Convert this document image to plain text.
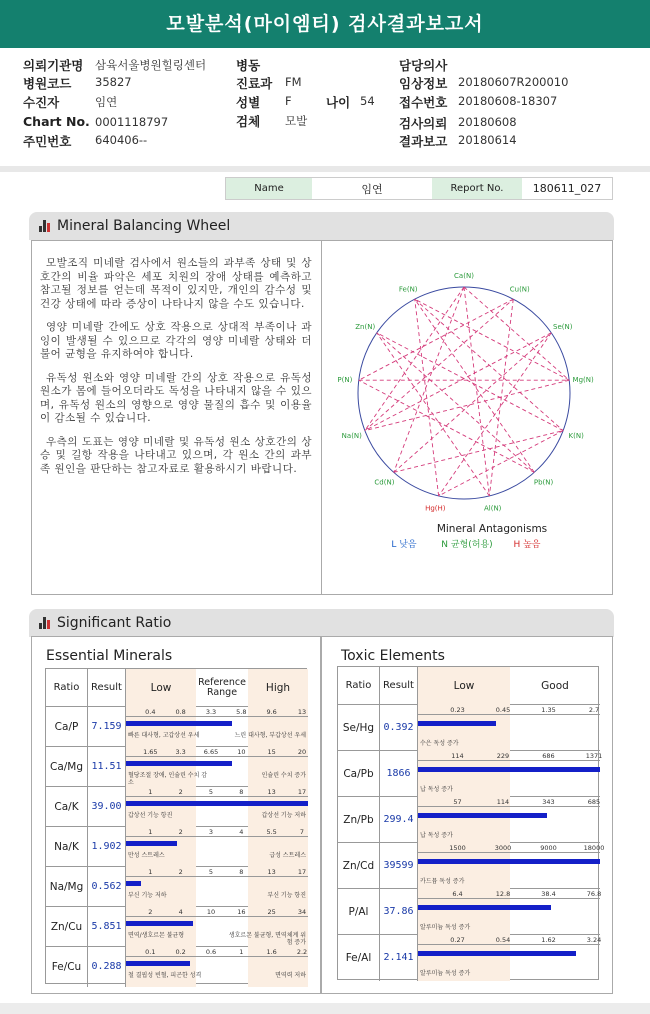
모발분석(마이엠티) 검사결과보고서
의뢰기관명 삼육서울병원힐링센터
병원코드 35827
수진자	임연
Chart No. 0001118797
주민번호 640406--
병동
진료과 FM
성별 F
검체 모발
나이 54
담당의사
임상정보 20180607R200010
접수번호 20180608-18307
검사의뢰 20180608
결과보고 20180614
Name	임연	Report No.	180611_027
Mineral Balancing Wheel

모발조직 미네랄 검사에서 원소들의 과부족 상태 및 상호간의 비율 파악은 세포 치원의 장애 상태를 예측하고 참고될 정보를 얻는데 목적이 있지만, 개인의 감수성 및 건강 상태에 따라 증상이 나타나지 않을 수도 있습니다.

영양 미네랄 간에도 상호 작용으로 상대적 부족이나 과잉이 발생될 수 있으므로 각각의 영양 미네랄 상태와 더불어 균형을 유지하여야 합니다.

유독성 원소와 영양 미네랄 간의 상호 작용으로 유독성 원소가 몸에 들어오더라도 독성을 나타내지 않을 수 있으며, 유독성 원소의 영향으로 영양 물질의 흡수 및 이용율이 감소될 수 있습니다.

우측의 도표는 영양 미네랄 및 유독성 원소 상호간의 상승 및 길항 작용을 나타내고 있으며, 각 원소 간의 과부족 원인을 판단하는 참고자료로 활용하시기 바랍니다.

Ca(N)
Cu(N)
Se(N)
Mg(N)
K(N)
Pb(N)
Al(N)
Hg(H)
Cd(N)
Na(N)
P(N)
Zn(N)
Fe(N)
Mineral Antagonisms
L 낮음	N 균형(허용) H 높음
Significant Ratio
Essential Minerals	Toxic Elements
Ratio	Result	Low	Reference Range	High
Ca/P	7.159
0.4	0.8	3.3	5.8	9.6	13
빠른 대사형, 고갑상선 우세	느린 대사형, 부갑상선 우세
Ca/Mg 11.51
1.65	3.3	6.65	10	15	20
혈당조절 장애, 인슐린 수치 감소
인슐린 수치 증가
Ca/K	39.00
1	2	5	8	13	17
갑상선 기능 항진	갑상선 기능 저하
Na/K	1.902
1	2	3	4	5.5	7
만성 스트레스	급성 스트레스
Na/Mg 0.562
1	2	5	8	13	17
부신 기능 저하	부신 기능 항진
Zn/Cu 5.851
2	4	10	16	25	34
면역/생호르몬 불균형	생호르몬 불균형, 면역체계 위험 증가
Fe/Cu	0.288
0.1	0.2	0.6	1	1.6	2.2
철 결핍성 빈혈, 피곤한 성격	면역력 저하
Ratio	Result	Low	Good
Se/Hg 0.392
0.23	0.45	1.35	2.7
수은 독성 증가
Ca/Pb	1866
114	229	686	1371
납 독성 증가
Zn/Pb 299.4
57	114	343	685
납 독성 증가
Zn/Cd 39599
1500	3000	9000	18000
카드뮴 독성 증가
P/Al	37.86
6.4	12.8	38.4	76.8
알루미늄 독성 증가
Fe/Al	2.141
0.27	0.54	1.62	3.24
알루미늄 독성 증가
